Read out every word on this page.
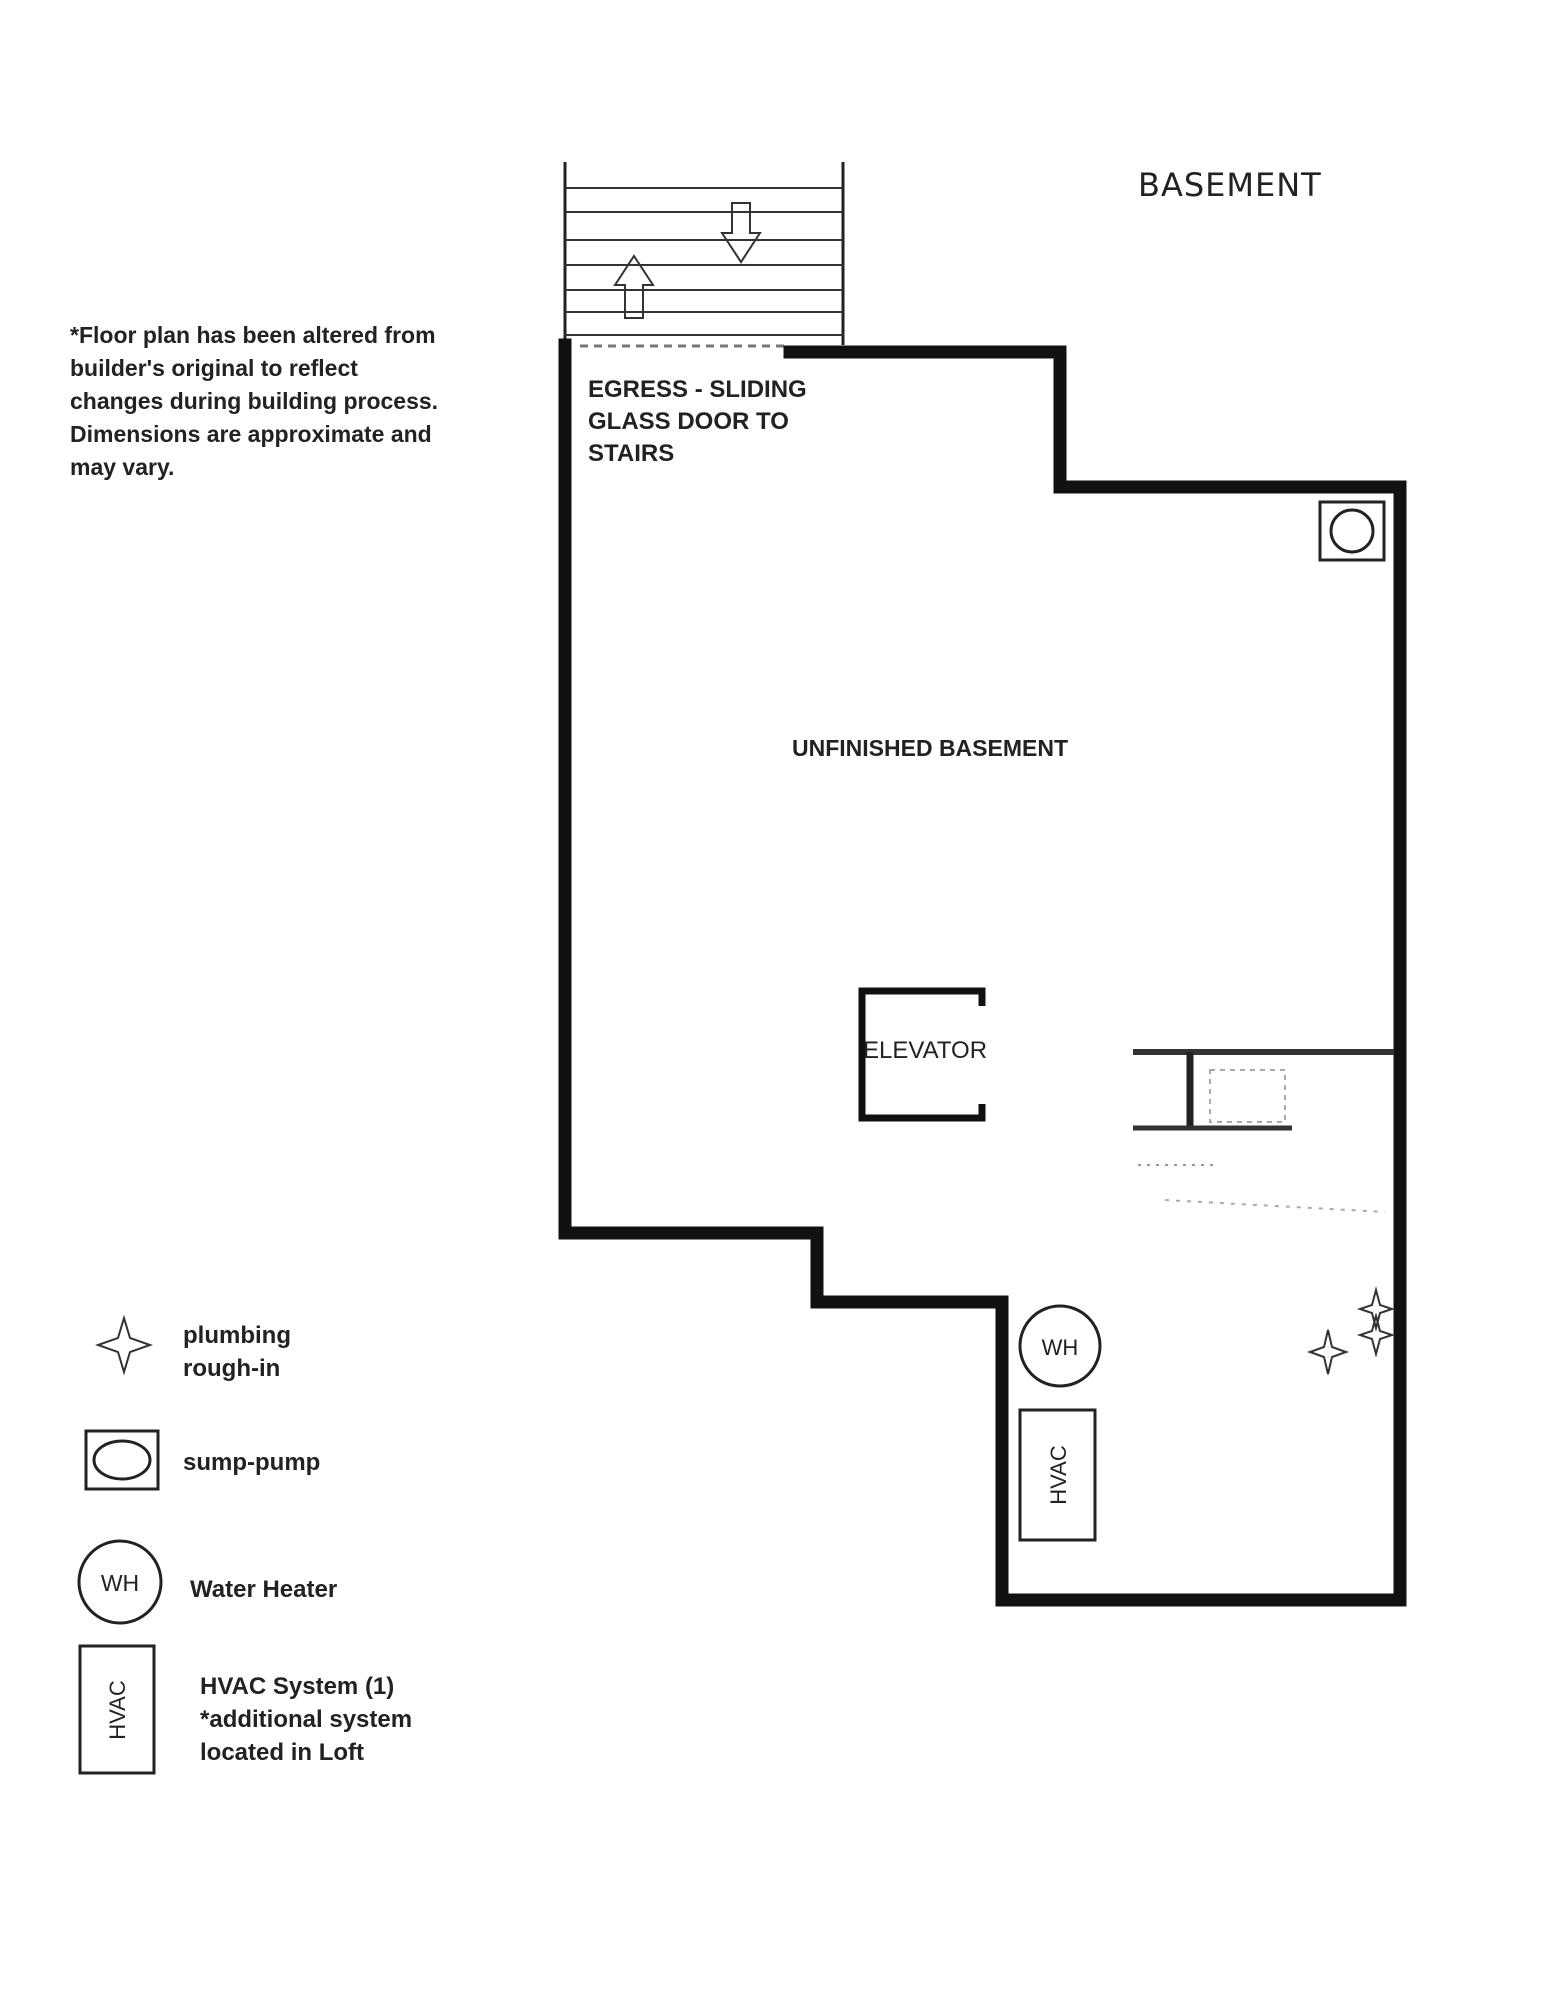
BASEMENT
*Floor plan has been altered from
builder's original to reflect
changes during building process.
Dimensions are approximate and
may vary.
EGRESS - SLIDING
GLASS DOOR TO
STAIRS
UNFINISHED BASEMENT
ELEVATOR
WH
HVAC
plumbing
rough-in
sump-pump
WH Water Heater
HVAC	HVAC System (1)
*additional system
located in Loft
